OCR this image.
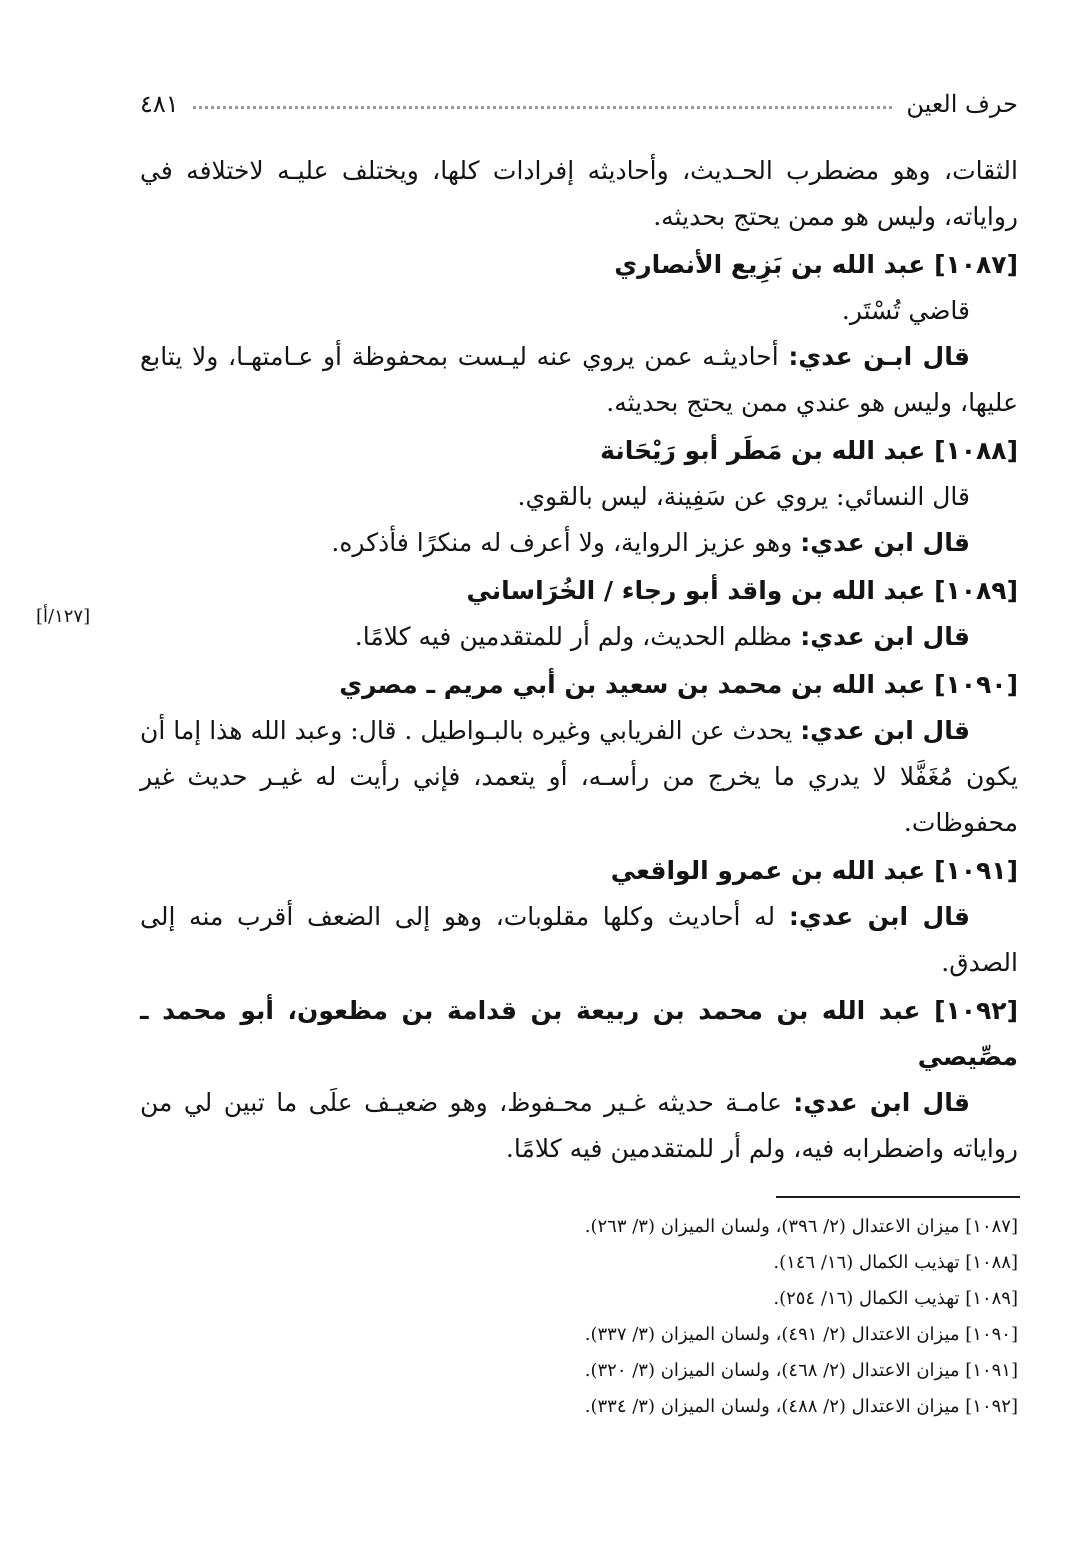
حرف العين
٤٨١
[١٢٧/أ]

الثقات، وهو مضطرب الحـديث، وأحاديثه إفرادات كلها، ويختلف عليـه لاختلافه في رواياته، وليس هو ممن يحتج بحديثه.

[١٠٨٧] عبد الله بن بَزِيع الأنصاري

قاضي تُسْتَر.

قال ابـن عدي: أحاديثـه عمن يروي عنه ليـست بمحفوظة أو عـامتهـا، ولا يتابع عليها، وليس هو عندي ممن يحتج بحديثه.

[١٠٨٨] عبد الله بن مَطَر أبو رَيْحَانة

قال النسائي: يروي عن سَفِينة، ليس بالقوي.

قال ابن عدي: وهو عزيز الرواية، ولا أعرف له منكرًا فأذكره.

[١٠٨٩] عبد الله بن واقد أبو رجاء / الخُرَاساني

قال ابن عدي: مظلم الحديث، ولم أر للمتقدمين فيه كلامًا.

[١٠٩٠] عبد الله بن محمد بن سعيد بن أبي مريم ـ مصري

قال ابن عدي: يحدث عن الفريابي وغيره بالبـواطيل . قال: وعبد الله هذا إما أن يكون مُغَفَّلا لا يدري ما يخرج من رأسـه، أو يتعمد، فإني رأيت له غيـر حديث غير محفوظات.

[١٠٩١] عبد الله بن عمرو الواقعي

قال ابن عدي: له أحاديث وكلها مقلوبات، وهو إلى الضعف أقرب منه إلى الصدق.

[١٠٩٢] عبد الله بن محمد بن ربيعة بن قدامة بن مظعون، أبو محمد ـ مصِّيصي

قال ابن عدي: عامـة حديثه غـير محـفوظ، وهو ضعيـف علَى ما تبين لي من رواياته واضطرابه فيه، ولم أر للمتقدمين فيه كلامًا.

[١٠٨٧] ميزان الاعتدال (٢/ ٣٩٦)، ولسان الميزان (٣/ ٢٦٣).

[١٠٨٨] تهذيب الكمال (١٦/ ١٤٦).

[١٠٨٩] تهذيب الكمال (١٦/ ٢٥٤).

[١٠٩٠] ميزان الاعتدال (٢/ ٤٩١)، ولسان الميزان (٣/ ٣٣٧).

[١٠٩١] ميزان الاعتدال (٢/ ٤٦٨)، ولسان الميزان (٣/ ٣٢٠).

[١٠٩٢] ميزان الاعتدال (٢/ ٤٨٨)، ولسان الميزان (٣/ ٣٣٤).
